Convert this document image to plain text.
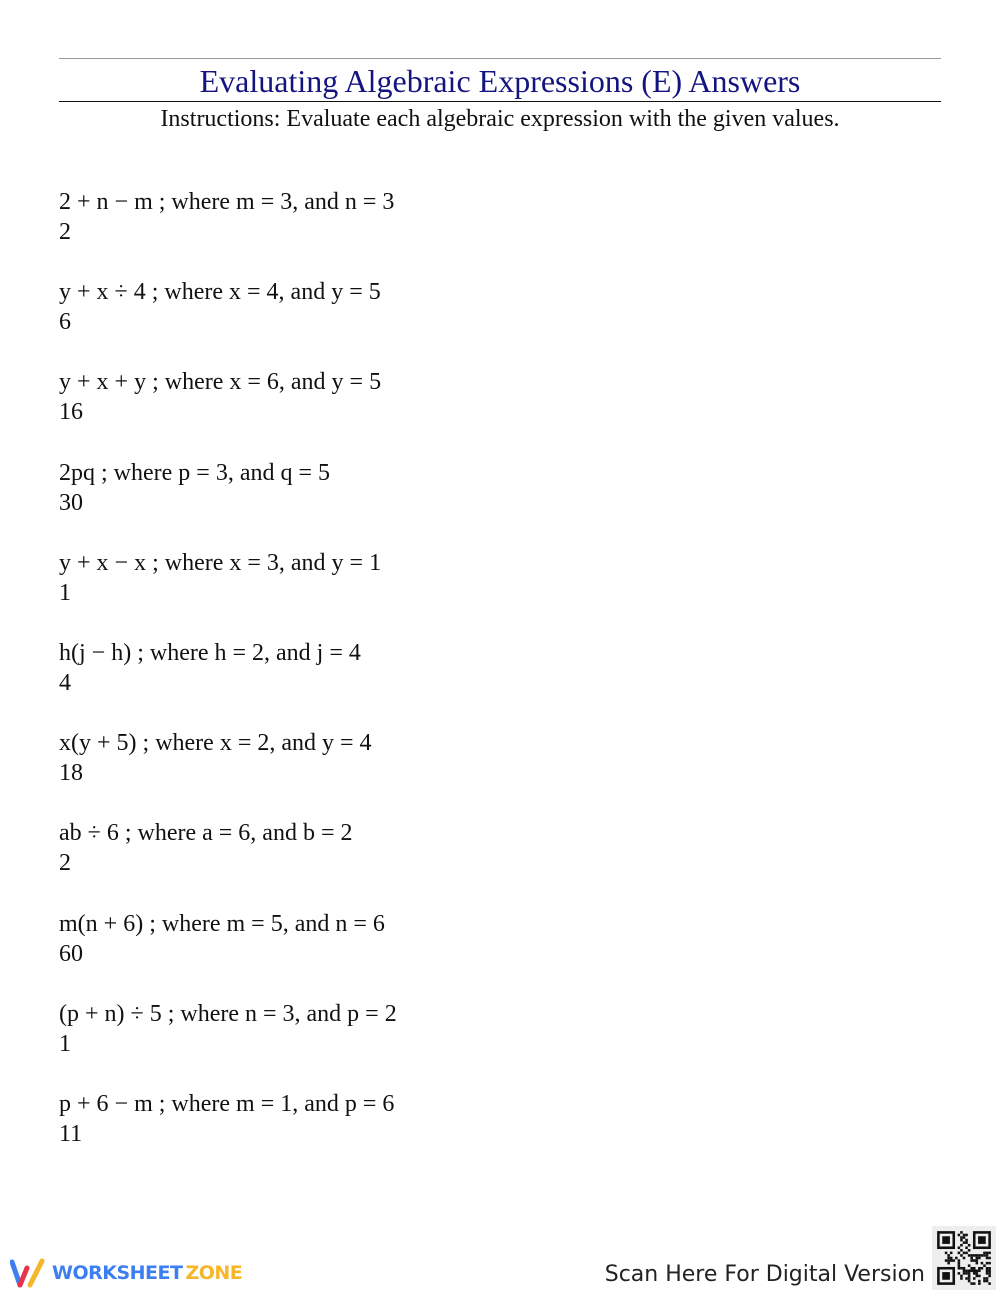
Evaluating Algebraic Expressions (E) Answers
Instructions: Evaluate each algebraic expression with the given values.
2 + n − m ; where m = 3, and n = 3
2
y + x ÷ 4 ; where x = 4, and y = 5
6
y + x + y ; where x = 6, and y = 5
16
2pq ; where p = 3, and q = 5
30
y + x − x ; where x = 3, and y = 1
1
h(j − h) ; where h = 2, and j = 4
4
x(y + 5) ; where x = 2, and y = 4
18
ab ÷ 6 ; where a = 6, and b = 2
2
m(n + 6) ; where m = 5, and n = 6
60
(p + n) ÷ 5 ; where n = 3, and p = 2
1
p + 6 − m ; where m = 1, and p = 6
11
WORKSHEET ZONE	Scan Here For Digital Version
